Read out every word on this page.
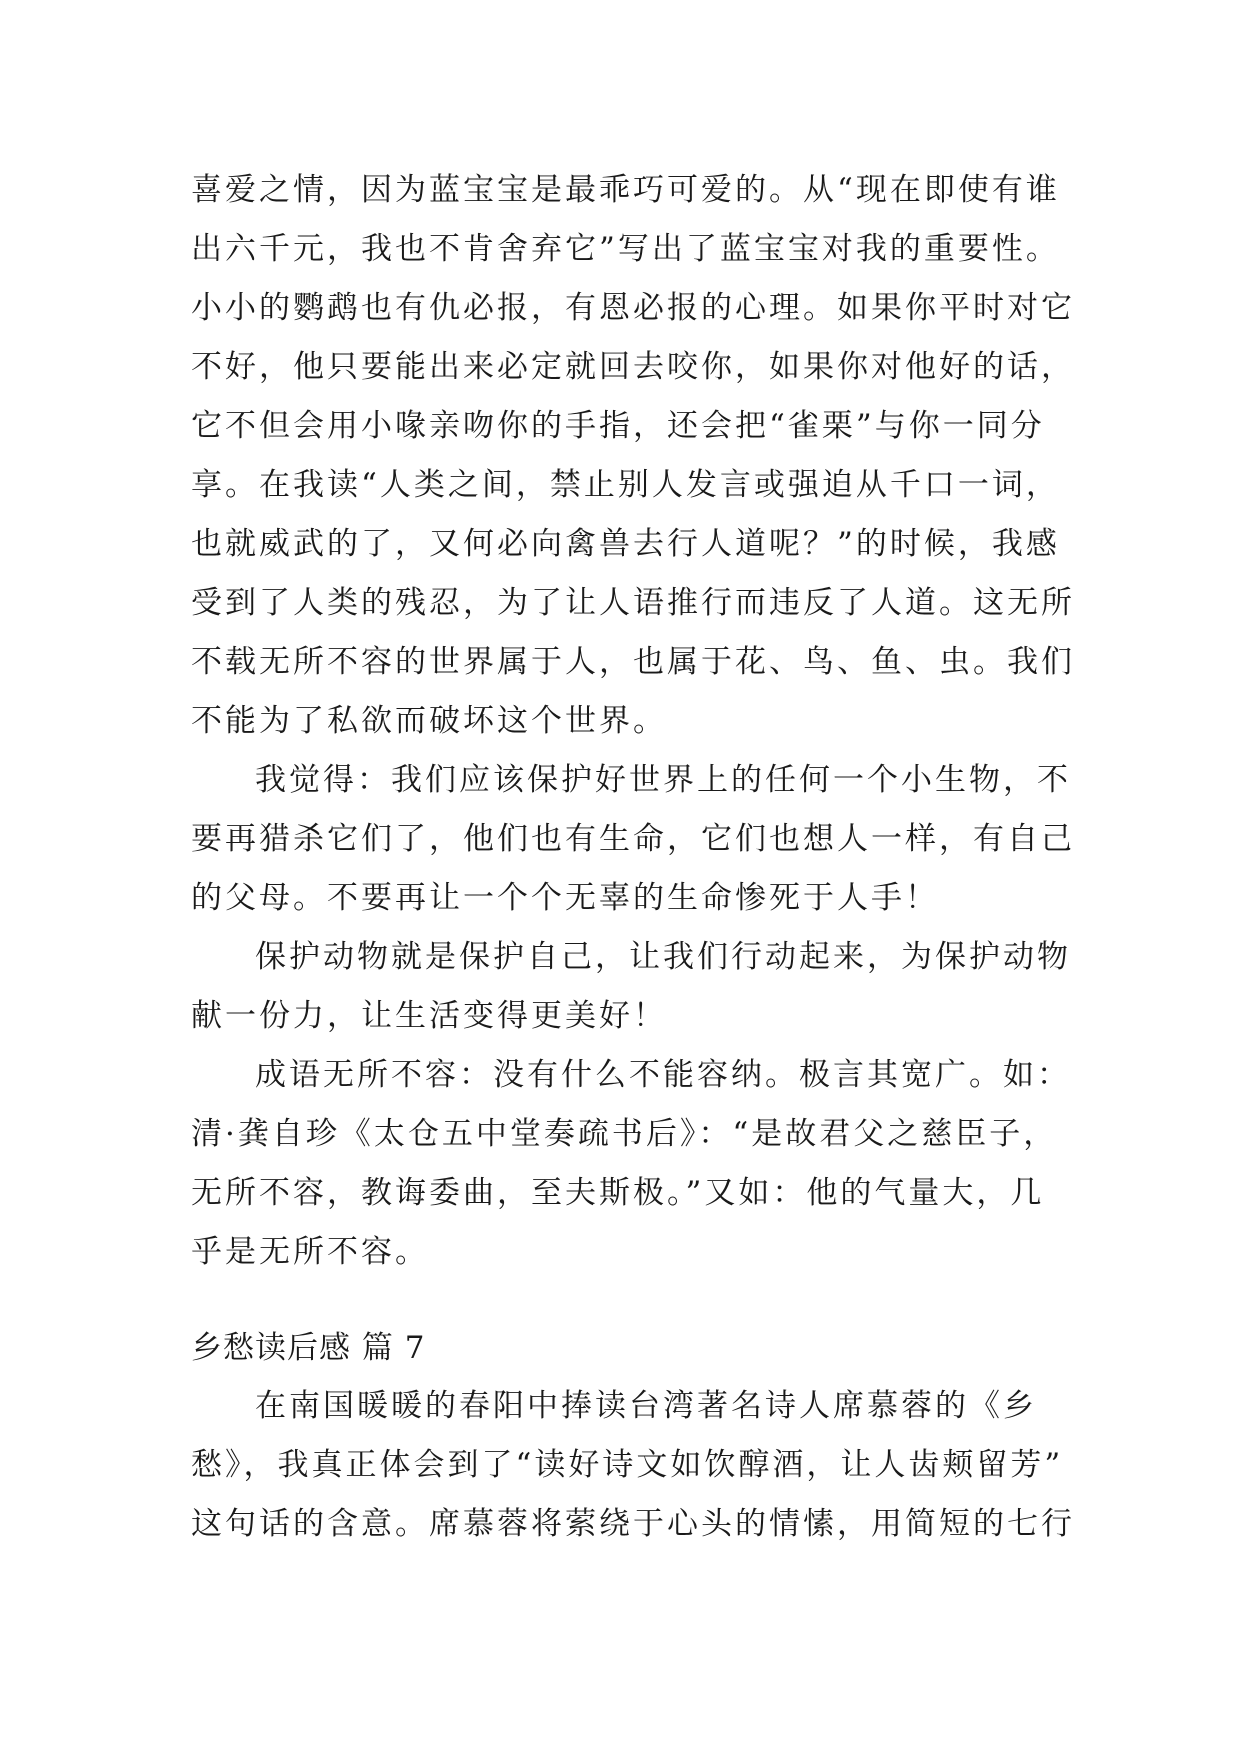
喜爱之情，因为蓝宝宝是最乖巧可爱的。从“现在即使有谁
出六千元，我也不肯舍弃它”写出了蓝宝宝对我的重要性。
小小的鹦鹉也有仇必报，有恩必报的心理。如果你平时对它
不好，他只要能出来必定就回去咬你，如果你对他好的话，
它不但会用小喙亲吻你的手指，还会把“雀栗”与你一同分
享。在我读“人类之间，禁止别人发言或强迫从千口一词，
也就威武的了，又何必向禽兽去行人道呢？”的时候，我感
受到了人类的残忍，为了让人语推行而违反了人道。这无所
不载无所不容的世界属于人，也属于花、鸟、鱼、虫。我们
不能为了私欲而破坏这个世界。
我觉得：我们应该保护好世界上的任何一个小生物，不
要再猎杀它们了，他们也有生命，它们也想人一样，有自己
的父母。不要再让一个个无辜的生命惨死于人手！
保护动物就是保护自己，让我们行动起来，为保护动物
献一份力，让生活变得更美好！
成语无所不容：没有什么不能容纳。极言其宽广。如：
清·龚自珍《太仓五中堂奏疏书后》：“是故君父之慈臣子，
无所不容，教诲委曲，至夫斯极。”又如：他的气量大，几
乎是无所不容。
乡愁读后感 篇 7
在南国暖暖的春阳中捧读台湾著名诗人席慕蓉的《乡
愁》，我真正体会到了“读好诗文如饮醇酒，让人齿颊留芳”
这句话的含意。席慕蓉将萦绕于心头的情愫，用简短的七行
